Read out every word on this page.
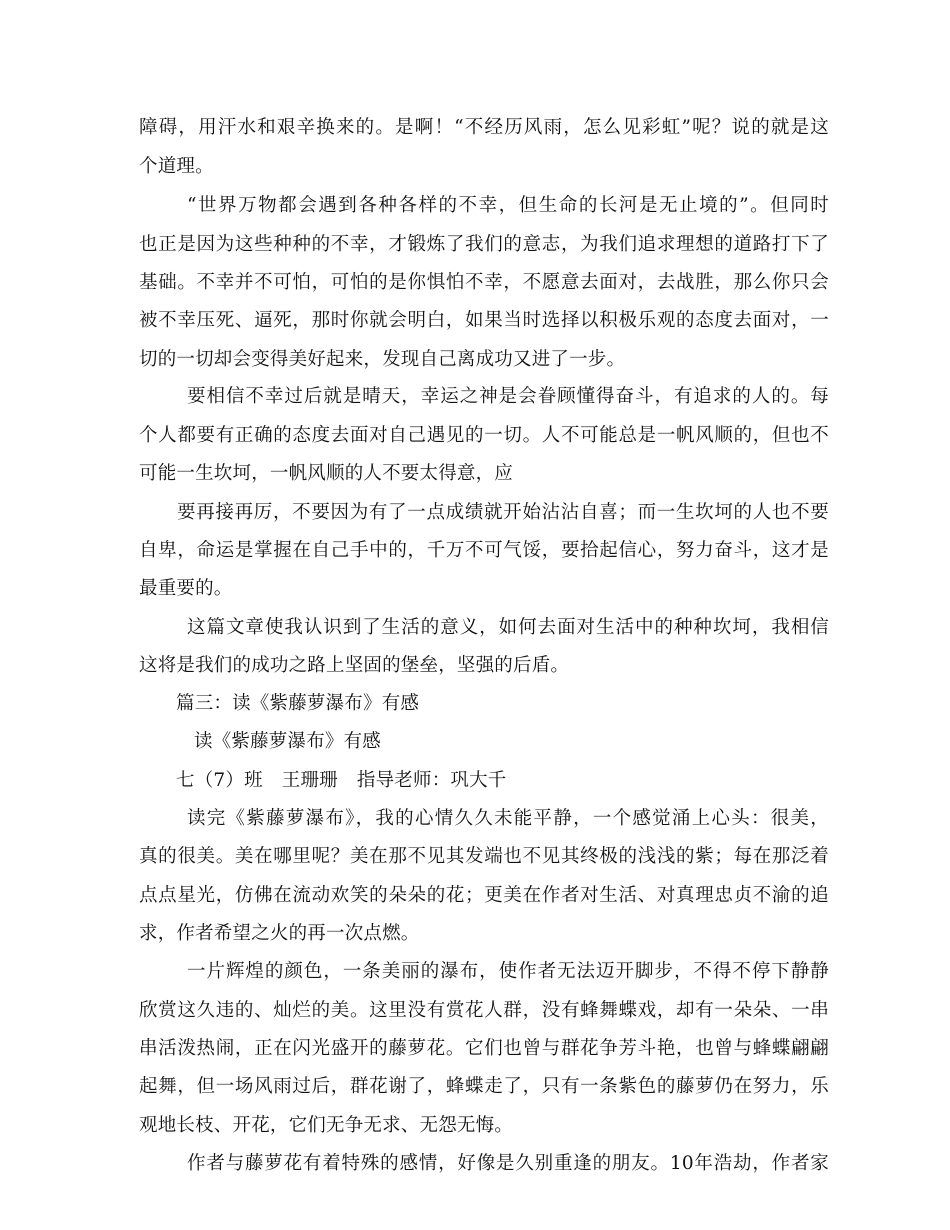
障碍，用汗水和艰辛换来的。是啊！“不经历风雨，怎么见彩虹”呢？说的就是这
个道理。
“世界万物都会遇到各种各样的不幸，但生命的长河是无止境的”。但同时
也正是因为这些种种的不幸，才锻炼了我们的意志，为我们追求理想的道路打下了
基础。不幸并不可怕，可怕的是你惧怕不幸，不愿意去面对，去战胜，那么你只会
被不幸压死、逼死，那时你就会明白，如果当时选择以积极乐观的态度去面对，一
切的一切却会变得美好起来，发现自己离成功又进了一步。
要相信不幸过后就是晴天，幸运之神是会眷顾懂得奋斗，有追求的人的。每
个人都要有正确的态度去面对自己遇见的一切。人不可能总是一帆风顺的，但也不
可能一生坎坷，一帆风顺的人不要太得意，应
要再接再厉，不要因为有了一点成绩就开始沾沾自喜；而一生坎坷的人也不要
自卑，命运是掌握在自己手中的，千万不可气馁，要拾起信心，努力奋斗，这才是
最重要的。
这篇文章使我认识到了生活的意义，如何去面对生活中的种种坎坷，我相信
这将是我们的成功之路上坚固的堡垒，坚强的后盾。
篇三：读《紫藤萝瀑布》有感
读《紫藤萝瀑布》有感
七（7）班 王珊珊 指导老师：巩大千
读完《紫藤萝瀑布》，我的心情久久未能平静，一个感觉涌上心头：很美，
真的很美。美在哪里呢？美在那不见其发端也不见其终极的浅浅的紫；每在那泛着
点点星光，仿佛在流动欢笑的朵朵的花；更美在作者对生活、对真理忠贞不渝的追
求，作者希望之火的再一次点燃。
一片辉煌的颜色，一条美丽的瀑布，使作者无法迈开脚步，不得不停下静静
欣赏这久违的、灿烂的美。这里没有赏花人群，没有蜂舞蝶戏，却有一朵朵、一串
串活泼热闹，正在闪光盛开的藤萝花。它们也曾与群花争芳斗艳，也曾与蜂蝶翩翩
起舞，但一场风雨过后，群花谢了，蜂蝶走了，只有一条紫色的藤萝仍在努力，乐
观地长枝、开花，它们无争无求、无怨无悔。
作者与藤萝花有着特殊的感情，好像是久别重逢的朋友。10年浩劫，作者家
